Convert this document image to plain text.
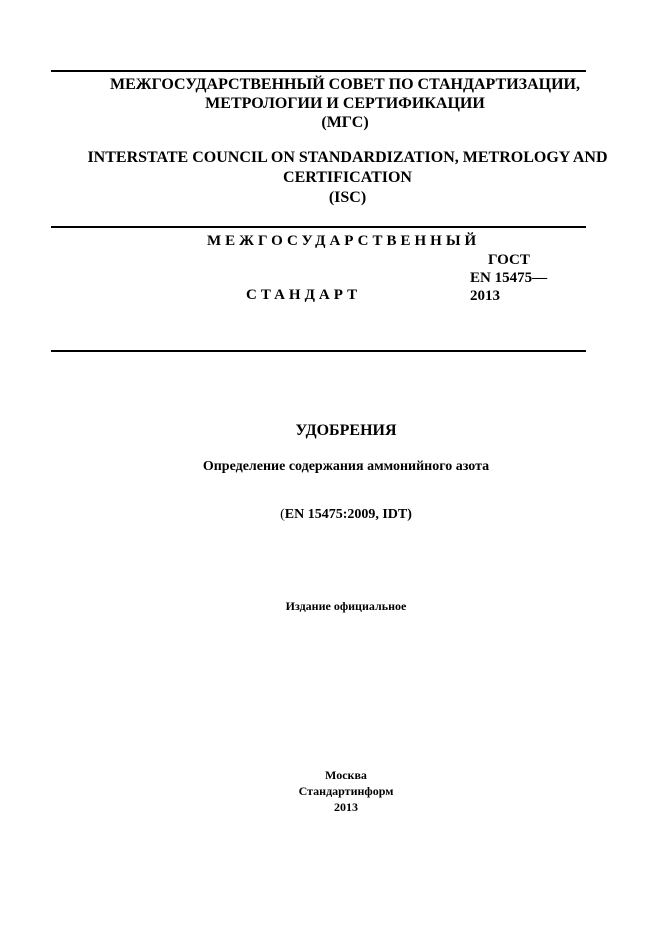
МЕЖГОСУДАРСТВЕННЫЙ СОВЕТ ПО СТАНДАРТИЗАЦИИ,
МЕТРОЛОГИИ И СЕРТИФИКАЦИИ
(МГС)
INTERSTATE COUNCIL ON STANDARDIZATION, METROLOGY AND
CERTIFICATION
(ISC)
МЕЖГОСУДАРСТВЕННЫЙ
ГОСТ
EN 15475—
СТАНДАРТ	2013
УДОБРЕНИЯ
Определение содержания аммонийного азота
(EN 15475:2009, IDT)
Издание официальное
Москва
Стандартинформ
2013
